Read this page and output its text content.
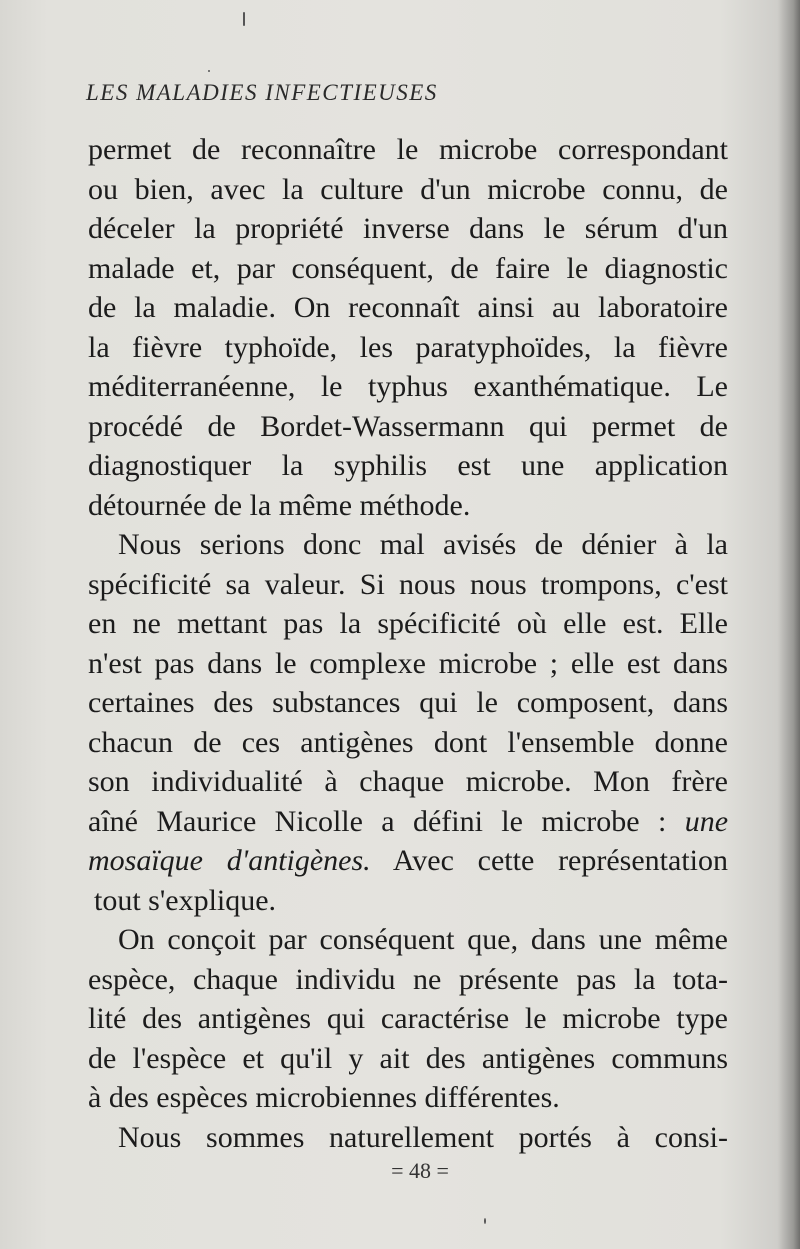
LES MALADIES INFECTIEUSES
permet de reconnaître le microbe correspondant
ou bien, avec la culture d'un microbe connu, de
déceler la propriété inverse dans le sérum d'un
malade et, par conséquent, de faire le diagnostic
de la maladie. On reconnaît ainsi au laboratoire
la fièvre typhoïde, les paratyphoïdes, la fièvre
méditerranéenne, le typhus exanthématique. Le
procédé de Bordet-Wassermann qui permet de
diagnostiquer la syphilis est une application
détournée de la même méthode.
Nous serions donc mal avisés de dénier à la
spécificité sa valeur. Si nous nous trompons, c'est
en ne mettant pas la spécificité où elle est. Elle
n'est pas dans le complexe microbe ; elle est dans
certaines des substances qui le composent, dans
chacun de ces antigènes dont l'ensemble donne
son individualité à chaque microbe. Mon frère
aîné Maurice Nicolle a défini le microbe : une
mosaïque d'antigènes. Avec cette représentation
tout s'explique.
On conçoit par conséquent que, dans une même
espèce, chaque individu ne présente pas la tota-
lité des antigènes qui caractérise le microbe type
de l'espèce et qu'il y ait des antigènes communs
à des espèces microbiennes différentes.
Nous sommes naturellement portés à consi-
= 48 =
